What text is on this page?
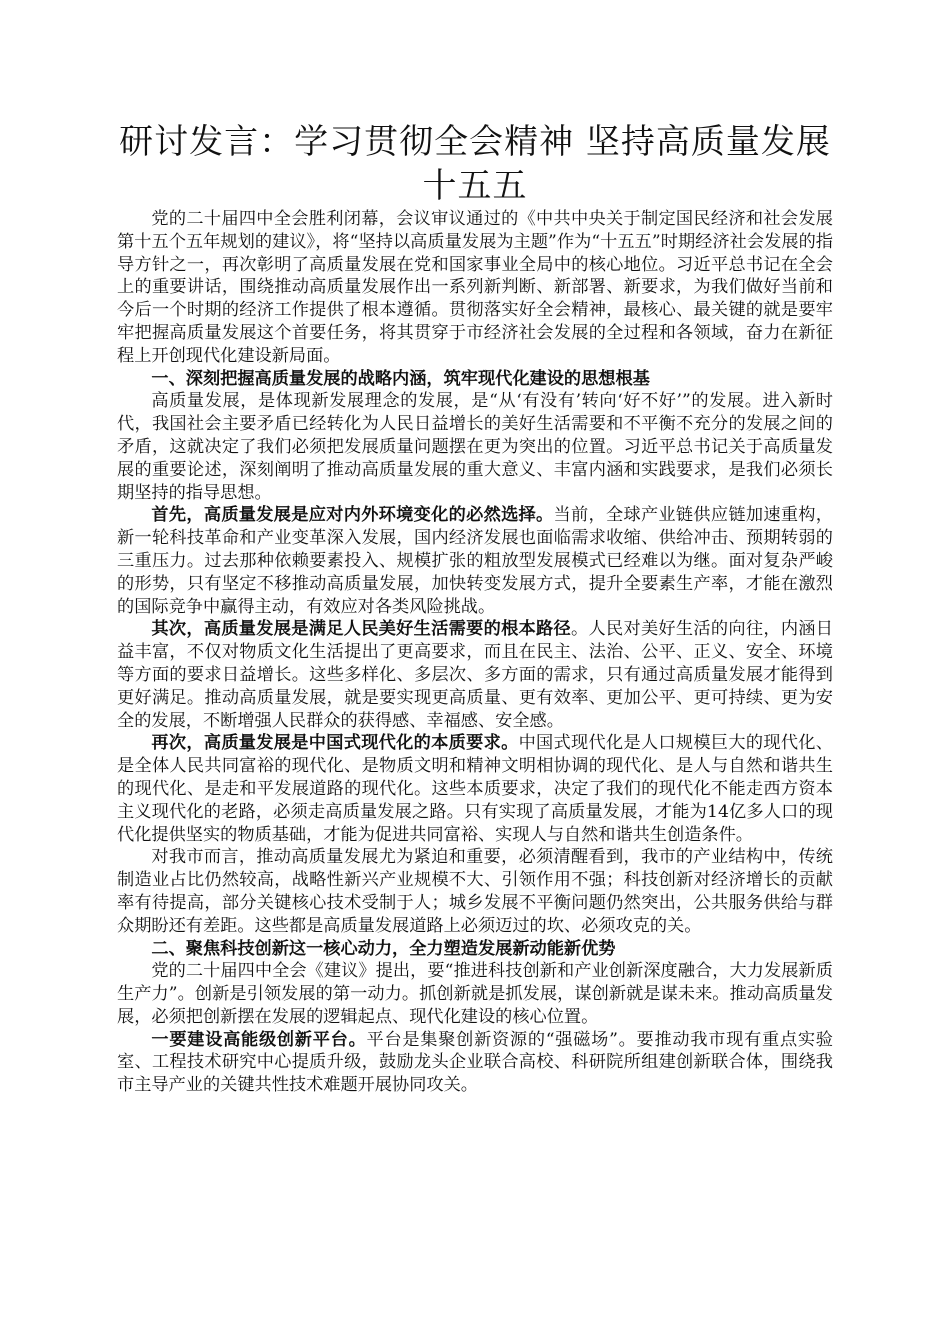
研讨发言：学习贯彻全会精神 坚持高质量发展十五五

党的二十届四中全会胜利闭幕，会议审议通过的《中共中央关于制定国民经济和社会发展第十五个五年规划的建议》，将“坚持以高质量发展为主题”作为“十五五”时期经济社会发展的指导方针之一，再次彰明了高质量发展在党和国家事业全局中的核心地位。习近平总书记在全会上的重要讲话，围绕推动高质量发展作出一系列新判断、新部署、新要求，为我们做好当前和今后一个时期的经济工作提供了根本遵循。贯彻落实好全会精神，最核心、最关键的就是要牢牢把握高质量发展这个首要任务，将其贯穿于市经济社会发展的全过程和各领域，奋力在新征程上开创现代化建设新局面。

一、深刻把握高质量发展的战略内涵，筑牢现代化建设的思想根基

高质量发展，是体现新发展理念的发展，是“从‘有没有’转向‘好不好’”的发展。进入新时代，我国社会主要矛盾已经转化为人民日益增长的美好生活需要和不平衡不充分的发展之间的矛盾，这就决定了我们必须把发展质量问题摆在更为突出的位置。习近平总书记关于高质量发展的重要论述，深刻阐明了推动高质量发展的重大意义、丰富内涵和实践要求，是我们必须长期坚持的指导思想。

首先，高质量发展是应对内外环境变化的必然选择。当前，全球产业链供应链加速重构，新一轮科技革命和产业变革深入发展，国内经济发展也面临需求收缩、供给冲击、预期转弱的三重压力。过去那种依赖要素投入、规模扩张的粗放型发展模式已经难以为继。面对复杂严峻的形势，只有坚定不移推动高质量发展，加快转变发展方式，提升全要素生产率，才能在激烈的国际竞争中赢得主动，有效应对各类风险挑战。

其次，高质量发展是满足人民美好生活需要的根本路径。人民对美好生活的向往，内涵日益丰富，不仅对物质文化生活提出了更高要求，而且在民主、法治、公平、正义、安全、环境等方面的要求日益增长。这些多样化、多层次、多方面的需求，只有通过高质量发展才能得到更好满足。推动高质量发展，就是要实现更高质量、更有效率、更加公平、更可持续、更为安全的发展，不断增强人民群众的获得感、幸福感、安全感。

再次，高质量发展是中国式现代化的本质要求。中国式现代化是人口规模巨大的现代化、是全体人民共同富裕的现代化、是物质文明和精神文明相协调的现代化、是人与自然和谐共生的现代化、是走和平发展道路的现代化。这些本质要求，决定了我们的现代化不能走西方资本主义现代化的老路，必须走高质量发展之路。只有实现了高质量发展，才能为14亿多人口的现代化提供坚实的物质基础，才能为促进共同富裕、实现人与自然和谐共生创造条件。

对我市而言，推动高质量发展尤为紧迫和重要，必须清醒看到，我市的产业结构中，传统制造业占比仍然较高，战略性新兴产业规模不大、引领作用不强；科技创新对经济增长的贡献率有待提高，部分关键核心技术受制于人；城乡发展不平衡问题仍然突出，公共服务供给与群众期盼还有差距。这些都是高质量发展道路上必须迈过的坎、必须攻克的关。

二、聚焦科技创新这一核心动力，全力塑造发展新动能新优势

党的二十届四中全会《建议》提出，要“推进科技创新和产业创新深度融合，大力发展新质生产力”。创新是引领发展的第一动力。抓创新就是抓发展，谋创新就是谋未来。推动高质量发展，必须把创新摆在发展的逻辑起点、现代化建设的核心位置。

一要建设高能级创新平台。平台是集聚创新资源的“强磁场”。要推动我市现有重点实验室、工程技术研究中心提质升级，鼓励龙头企业联合高校、科研院所组建创新联合体，围绕我市主导产业的关键共性技术难题开展协同攻关。
